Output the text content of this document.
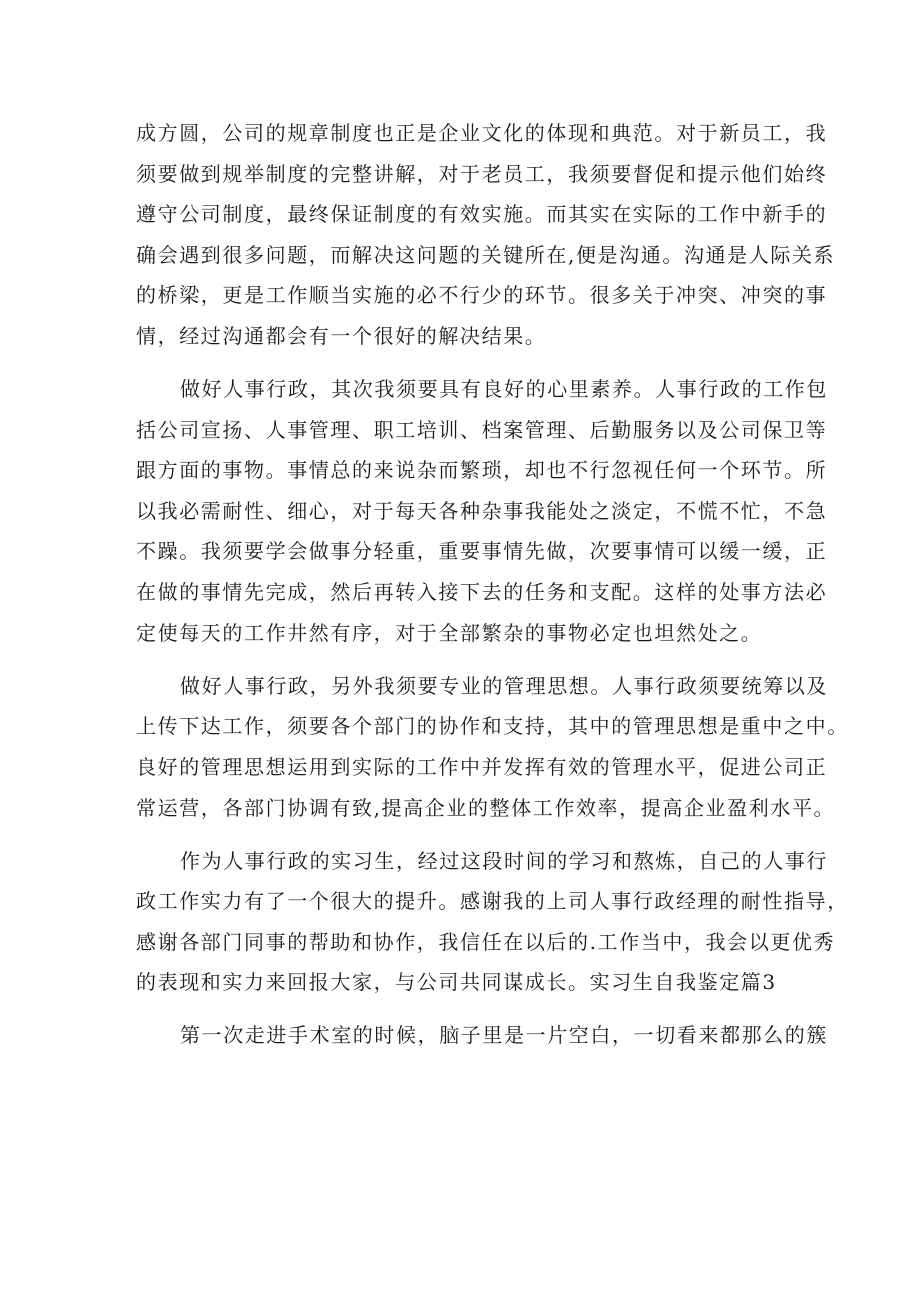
成方圆，公司的规章制度也正是企业文化的体现和典范。对于新员工，我
须要做到规举制度的完整讲解，对于老员工，我须要督促和提示他们始终
遵守公司制度，最终保证制度的有效实施。而其实在实际的工作中新手的
确会遇到很多问题，而解决这问题的关键所在,便是沟通。沟通是人际关系
的桥梁，更是工作顺当实施的必不行少的环节。很多关于冲突、冲突的事
情，经过沟通都会有一个很好的解决结果。
做好人事行政，其次我须要具有良好的心里素养。人事行政的工作包
括公司宣扬、人事管理、职工培训、档案管理、后勤服务以及公司保卫等
跟方面的事物。事情总的来说杂而繁琐，却也不行忽视任何一个环节。所
以我必需耐性、细心，对于每天各种杂事我能处之淡定，不慌不忙，不急
不躁。我须要学会做事分轻重，重要事情先做，次要事情可以缓一缓，正
在做的事情先完成，然后再转入接下去的任务和支配。这样的处事方法必
定使每天的工作井然有序，对于全部繁杂的事物必定也坦然处之。
做好人事行政，另外我须要专业的管理思想。人事行政须要统筹以及
上传下达工作，须要各个部门的协作和支持，其中的管理思想是重中之中。
良好的管理思想运用到实际的工作中并发挥有效的管理水平，促进公司正
常运营，各部门协调有致,提高企业的整体工作效率，提高企业盈利水平。
作为人事行政的实习生，经过这段时间的学习和熬炼，自己的人事行
政工作实力有了一个很大的提升。感谢我的上司人事行政经理的耐性指导，
感谢各部门同事的帮助和协作，我信任在以后的.工作当中，我会以更优秀
的表现和实力来回报大家，与公司共同谋成长。实习生自我鉴定篇3
第一次走进手术室的时候，脑子里是一片空白，一切看来都那么的簇
